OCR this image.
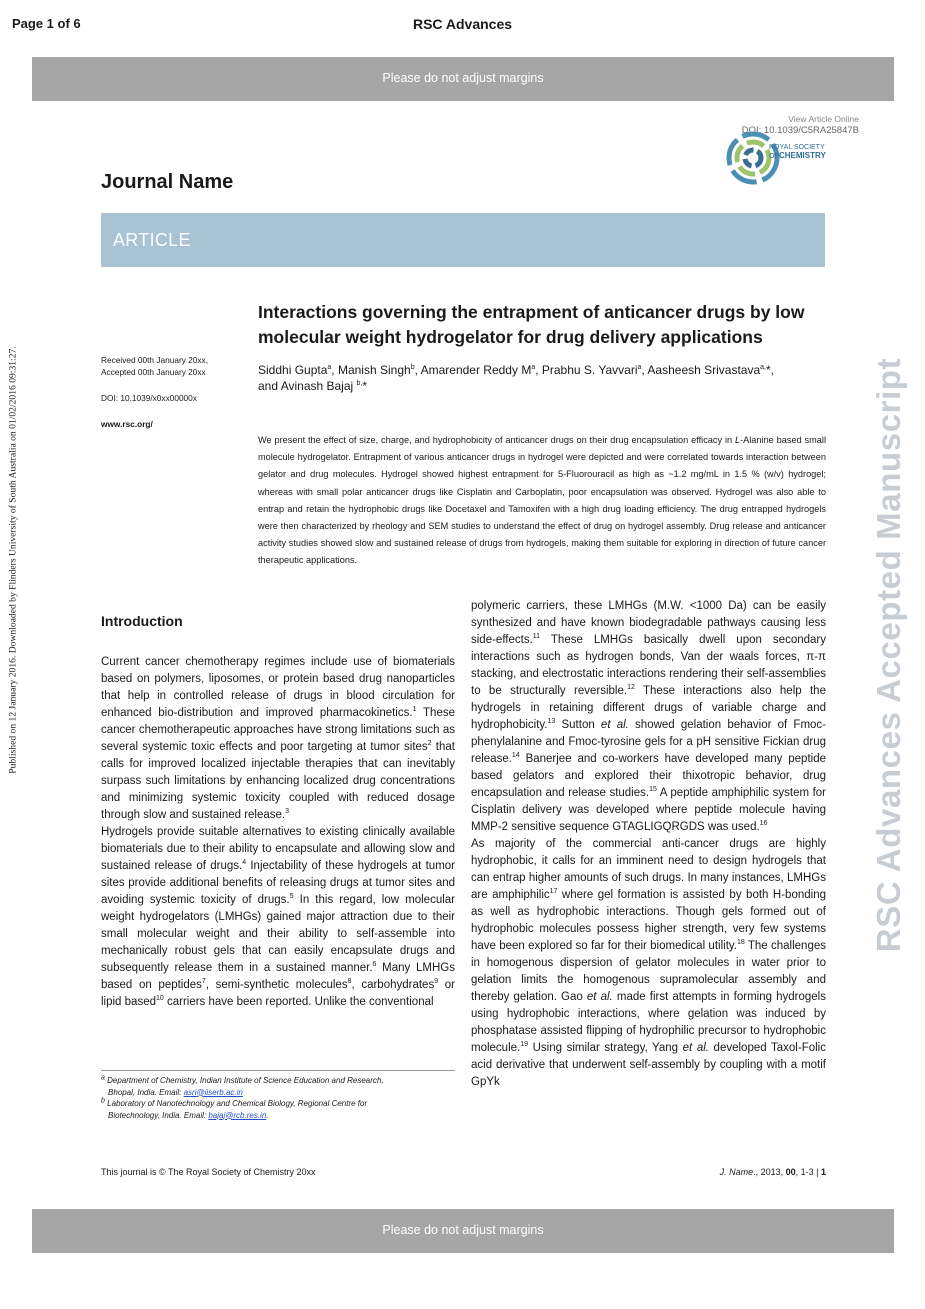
Page 1 of 6	RSC Advances
Please do not adjust margins
View Article Online
DOI: 10.1039/C5RA25847B
ROYAL SOCIETY
OF CHEMISTRY
Journal Name
ARTICLE
Published on 12 January 2016. Downloaded by Flinders University of South Australia on 01/02/2016 09:31:27.	RSC Advances Accepted Manuscript
Received 00th January 20xx,
Accepted 00th January 20xx
DOI: 10.1039/x0xx00000x
www.rsc.org/
Interactions governing the entrapment of anticancer drugs by low molecular weight hydrogelator for drug delivery applications
Siddhi Gupta$^a$, Manish Singh$^b$, Amarender Reddy $M^a$, Prabhu S. Yavvari$^a$, Aasheesh Srivastava$^{a,}$*,
and Avinash Bajaj $^{b,}$*
We present the effect of size, charge, and hydrophobicity of anticancer drugs on their drug encapsulation efficacy in L-Alanine based small molecule hydrogelator. Entrapment of various anticancer drugs in hydrogel were depicted and were correlated towards interaction between gelator and drug molecules. Hydrogel showed highest entrapment for 5-Fluorouracil as high as ~1.2 mg/mL in 1.5 % (w/v) hydrogel; whereas with small polar anticancer drugs like Cisplatin and Carboplatin, poor encapsulation was observed. Hydrogel was also able to entrap and retain the hydrophobic drugs like Docetaxel and Tamoxifen with a high drug loading efficiency. The drug entrapped hydrogels were then characterized by rheology and SEM studies to understand the effect of drug on hydrogel assembly. Drug release and anticancer activity studies showed slow and sustained release of drugs from hydrogels, making them suitable for exploring in direction of future cancer therapeutic applications.
Introduction

Current cancer chemotherapy regimes include use of biomaterials based on polymers, liposomes, or protein based drug nanoparticles that help in controlled release of drugs in blood circulation for enhanced bio-distribution and improved pharmacokinetics.$^1$ These cancer chemotherapeutic approaches have strong limitations such as several systemic toxic effects and poor targeting at tumor sites$^2$ that calls for improved localized injectable therapies that can inevitably surpass such limitations by enhancing localized drug concentrations and minimizing systemic toxicity coupled with reduced dosage through slow and sustained release.$^3$

Hydrogels provide suitable alternatives to existing clinically available biomaterials due to their ability to encapsulate and allowing slow and sustained release of drugs.$^4$ Injectability of these hydrogels at tumor sites provide additional benefits of releasing drugs at tumor sites and avoiding systemic toxicity of drugs.$^5$ In this regard, low molecular weight hydrogelators (LMHGs) gained major attraction due to their small molecular weight and their ability to self-assemble into mechanically robust gels that can easily encapsulate drugs and subsequently release them in a sustained manner.$^6$ Many LMHGs based on peptides$^7$, semi-synthetic molecules$^8$, carbohydrates$^9$ or lipid based$^{10}$ carriers have been reported. Unlike the conventional

polymeric carriers, these LMHGs (M.W. <1000 Da) can be easily synthesized and have known biodegradable pathways causing less side-effects.$^{11}$ These LMHGs basically dwell upon secondary interactions such as hydrogen bonds, Van der waals forces, π-π stacking, and electrostatic interactions rendering their self-assemblies to be structurally reversible.$^{12}$ These interactions also help the hydrogels in retaining different drugs of variable charge and hydrophobicity.$^{13}$ Sutton et al. showed gelation behavior of Fmoc-phenylalanine and Fmoc-tyrosine gels for a pH sensitive Fickian drug release.$^{14}$ Banerjee and co-workers have developed many peptide based gelators and explored their thixotropic behavior, drug encapsulation and release studies.$^{15}$ A peptide amphiphilic system for Cisplatin delivery was developed where peptide molecule having MMP-2 sensitive sequence GTAGLIGQRGDS was used.$^{16}$

As majority of the commercial anti-cancer drugs are highly hydrophobic, it calls for an imminent need to design hydrogels that can entrap higher amounts of such drugs. In many instances, LMHGs are amphiphilic$^{17}$ where gel formation is assisted by both H-bonding as well as hydrophobic interactions. Though gels formed out of hydrophobic molecules possess higher strength, very few systems have been explored so far for their biomedical utility.$^{18}$ The challenges in homogenous dispersion of gelator molecules in water prior to gelation limits the homogenous supramolecular assembly and thereby gelation. Gao et al. made first attempts in forming hydrogels using hydrophobic interactions, where gelation was induced by phosphatase assisted flipping of hydrophilic precursor to hydrophobic molecule.$^{19}$ Using similar strategy, Yang et al. developed Taxol-Folic acid derivative that underwent self-assembly by coupling with a motif GpYk

$^a$ Department of Chemistry, Indian Institute of Science Education and Research,
Bhopal, India. Email: asri@iiserb.ac.in
$^b$ Laboratory of Nanotechnology and Chemical Biology, Regional Centre for
Biotechnology, India. Email: bajaj@rcb.res.in.
This journal is © The Royal Society of Chemistry 20xx	J. Name., 2013, 00, 1-3 | 1
Please do not adjust margins
